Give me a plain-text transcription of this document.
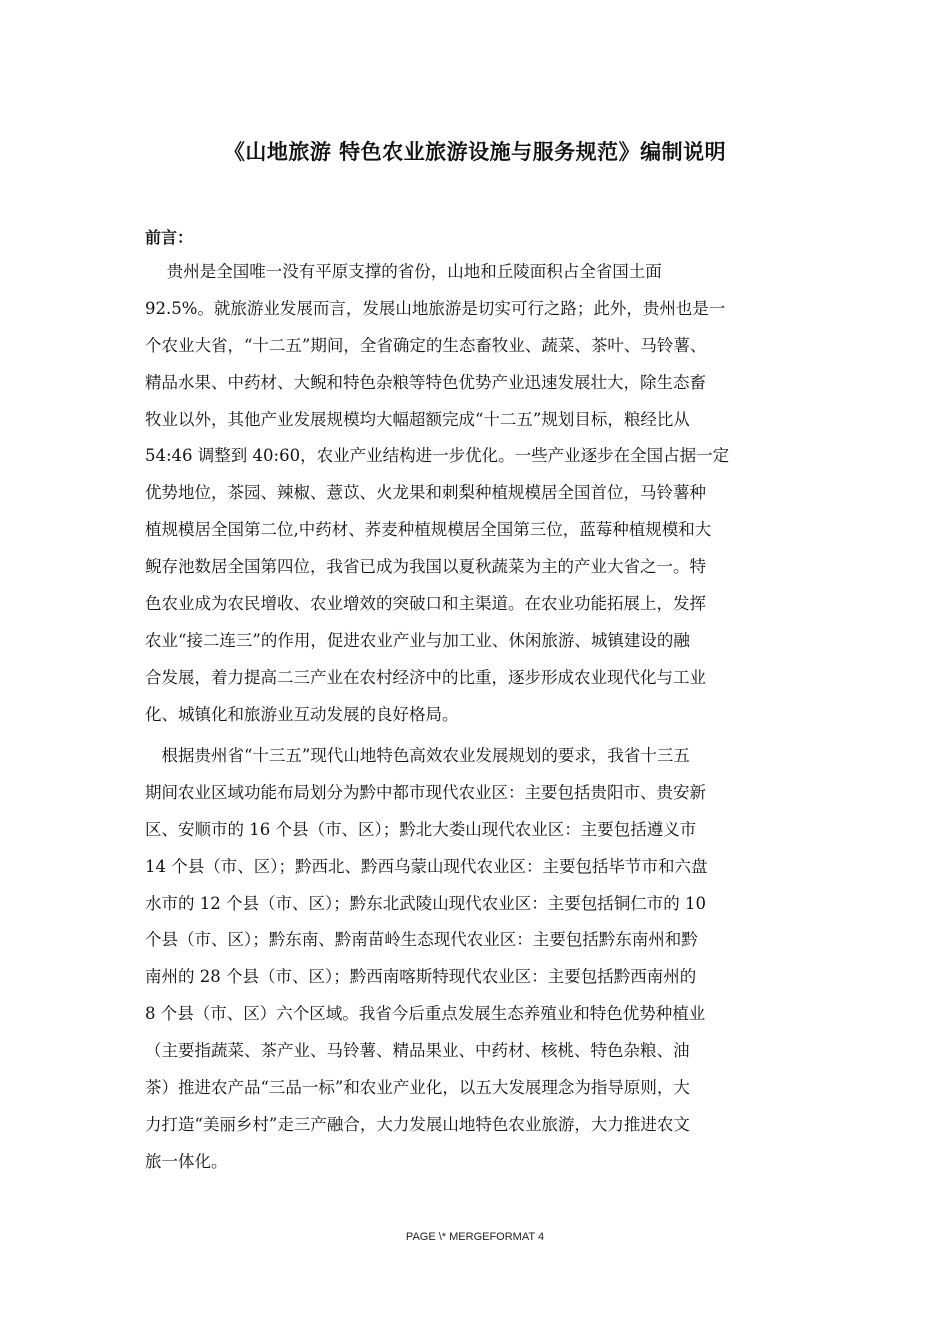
《山地旅游 特色农业旅游设施与服务规范》编制说明
前言：
　 贵州是全国唯一没有平原支撑的省份，山地和丘陵面积占全省国土面
92.5%。就旅游业发展而言，发展山地旅游是切实可行之路；此外，贵州也是一
个农业大省，“十二五”期间，全省确定的生态畜牧业、蔬菜、茶叶、马铃薯、
精品水果、中药材、大鲵和特色杂粮等特色优势产业迅速发展壮大，除生态畜
牧业以外，其他产业发展规模均大幅超额完成“十二五”规划目标，粮经比从
54:46 调整到 40:60，农业产业结构进一步优化。一些产业逐步在全国占据一定
优势地位，茶园、辣椒、薏苡、火龙果和刺梨种植规模居全国首位，马铃薯种
植规模居全国第二位,中药材、荞麦种植规模居全国第三位，蓝莓种植规模和大
鲵存池数居全国第四位，我省已成为我国以夏秋蔬菜为主的产业大省之一。特
色农业成为农民增收、农业增效的突破口和主渠道。在农业功能拓展上，发挥
农业“接二连三”的作用，促进农业产业与加工业、休闲旅游、城镇建设的融
合发展，着力提高二三产业在农村经济中的比重，逐步形成农业现代化与工业
化、城镇化和旅游业互动发展的良好格局。
　根据贵州省“十三五”现代山地特色高效农业发展规划的要求，我省十三五
期间农业区域功能布局划分为黔中都市现代农业区：主要包括贵阳市、贵安新
区、安顺市的 16 个县（市、区）；黔北大娄山现代农业区：主要包括遵义市
14 个县（市、区）；黔西北、黔西乌蒙山现代农业区：主要包括毕节市和六盘
水市的 12 个县（市、区）；黔东北武陵山现代农业区：主要包括铜仁市的 10
个县（市、区）；黔东南、黔南苗岭生态现代农业区：主要包括黔东南州和黔
南州的 28 个县（市、区）；黔西南喀斯特现代农业区：主要包括黔西南州的
8 个县（市、区）六个区域。我省今后重点发展生态养殖业和特色优势种植业
（主要指蔬菜、茶产业、马铃薯、精品果业、中药材、核桃、特色杂粮、油
茶）推进农产品“三品一标”和农业产业化，以五大发展理念为指导原则，大
力打造“美丽乡村”走三产融合，大力发展山地特色农业旅游，大力推进农文
旅一体化。
PAGE \* MERGEFORMAT 4
